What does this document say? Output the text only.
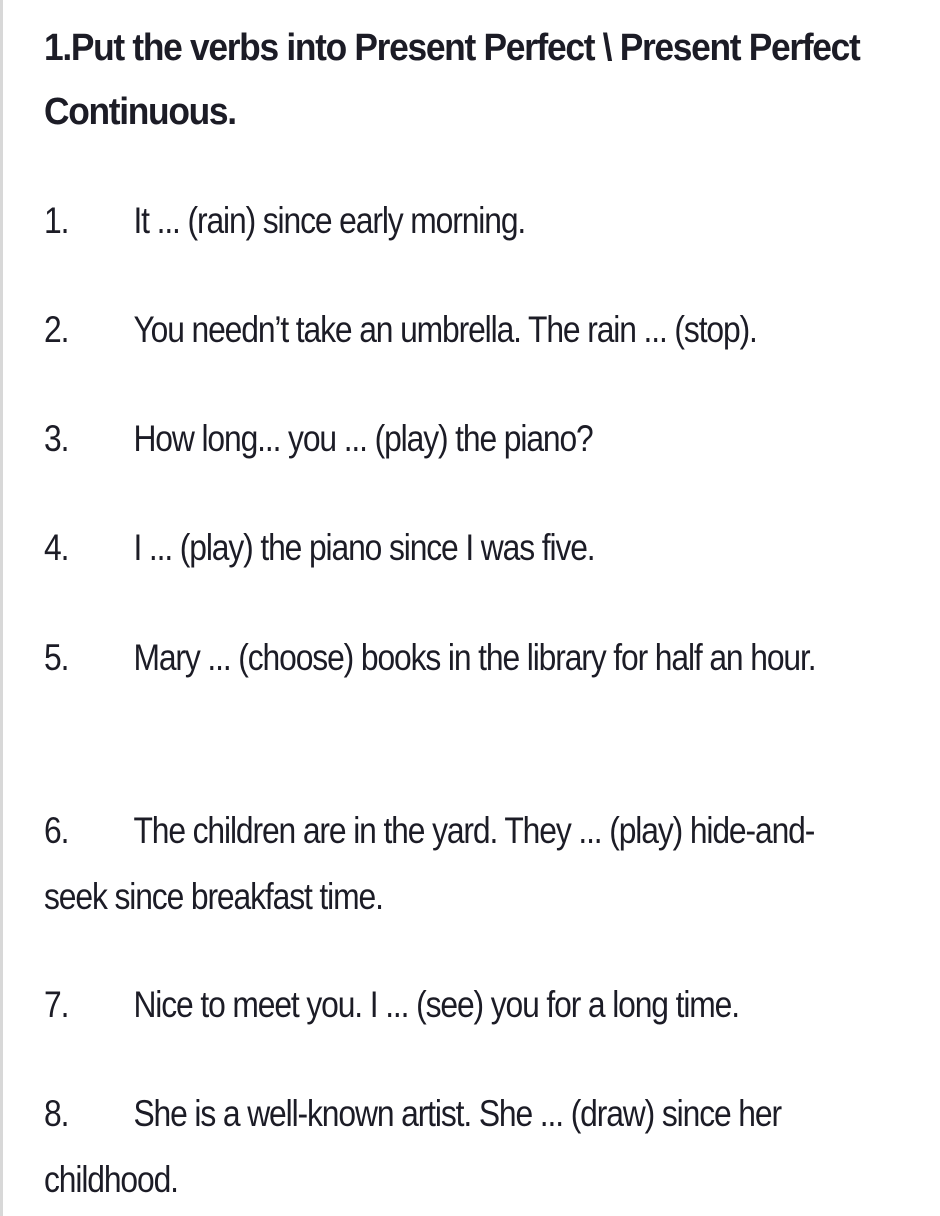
1.Put the verbs into Present Perfect \ Present Perfect Continuous.

1. It ... (rain) since early morning.

2. You needn’t take an umbrella. The rain ... (stop).

3. How long... you ... (play) the piano?

4. I ... (play) the piano since I was five.

5. Mary ... (choose) books in the library for half an hour.

6. The children are in the yard. They ... (play) hide-and-seek since breakfast time.

7. Nice to meet you. I ... (see) you for a long time.

8. She is a well-known artist. She ... (draw) since her childhood.
